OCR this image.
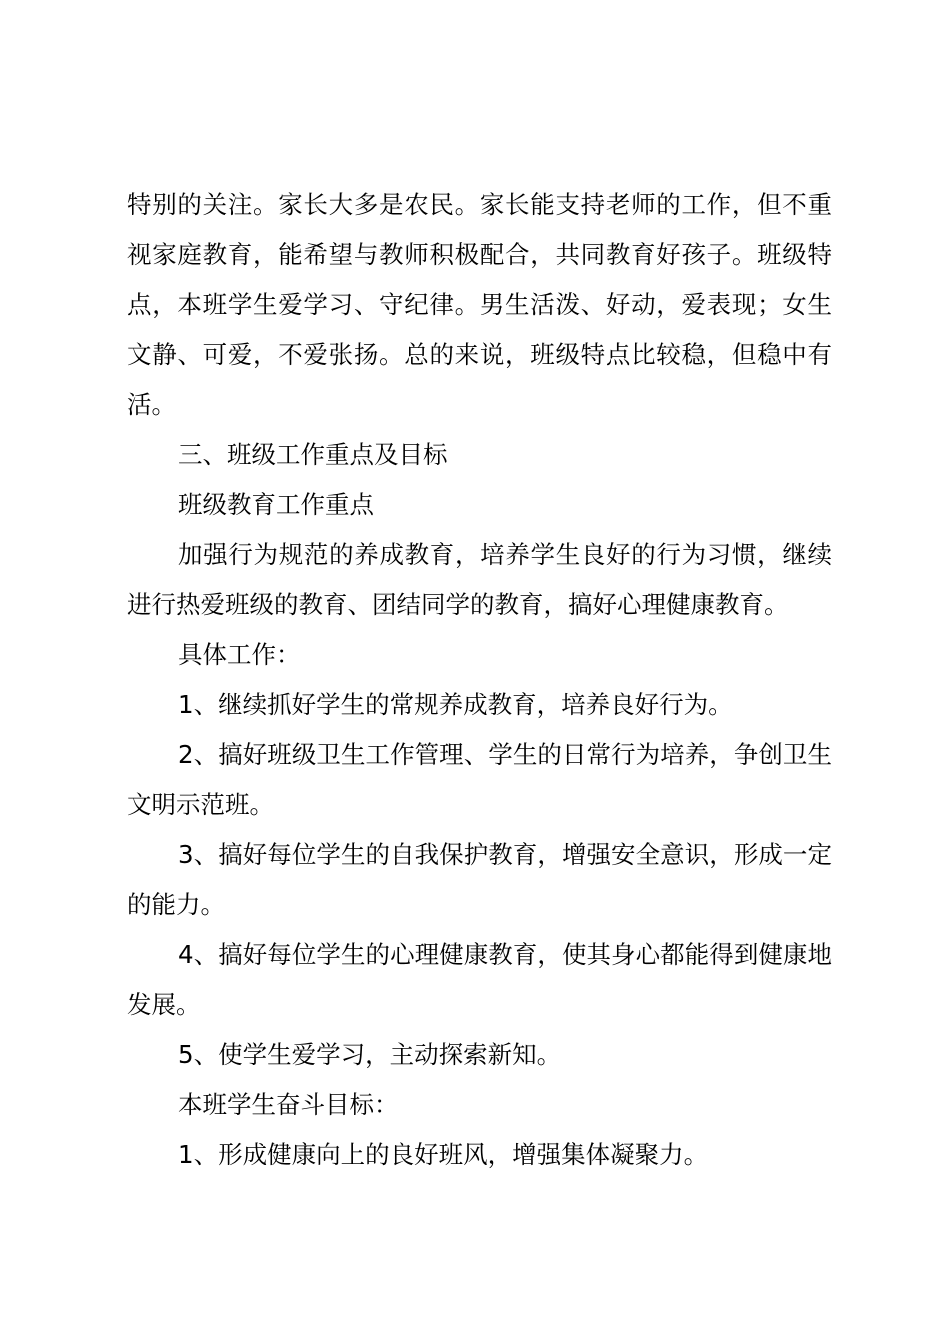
特别的关注。家长大多是农民。家长能支持老师的工作，但不重视家庭教育，能希望与教师积极配合，共同教育好孩子。班级特点，本班学生爱学习、守纪律。男生活泼、好动，爱表现；女生文静、可爱，不爱张扬。总的来说，班级特点比较稳，但稳中有活。

三、班级工作重点及目标

班级教育工作重点

加强行为规范的养成教育，培养学生良好的行为习惯，继续进行热爱班级的教育、团结同学的教育，搞好心理健康教育。

具体工作：

1、继续抓好学生的常规养成教育，培养良好行为。

2、搞好班级卫生工作管理、学生的日常行为培养，争创卫生文明示范班。

3、搞好每位学生的自我保护教育，增强安全意识，形成一定的能力。

4、搞好每位学生的心理健康教育，使其身心都能得到健康地发展。

5、使学生爱学习，主动探索新知。

本班学生奋斗目标：

1、形成健康向上的良好班风，增强集体凝聚力。
